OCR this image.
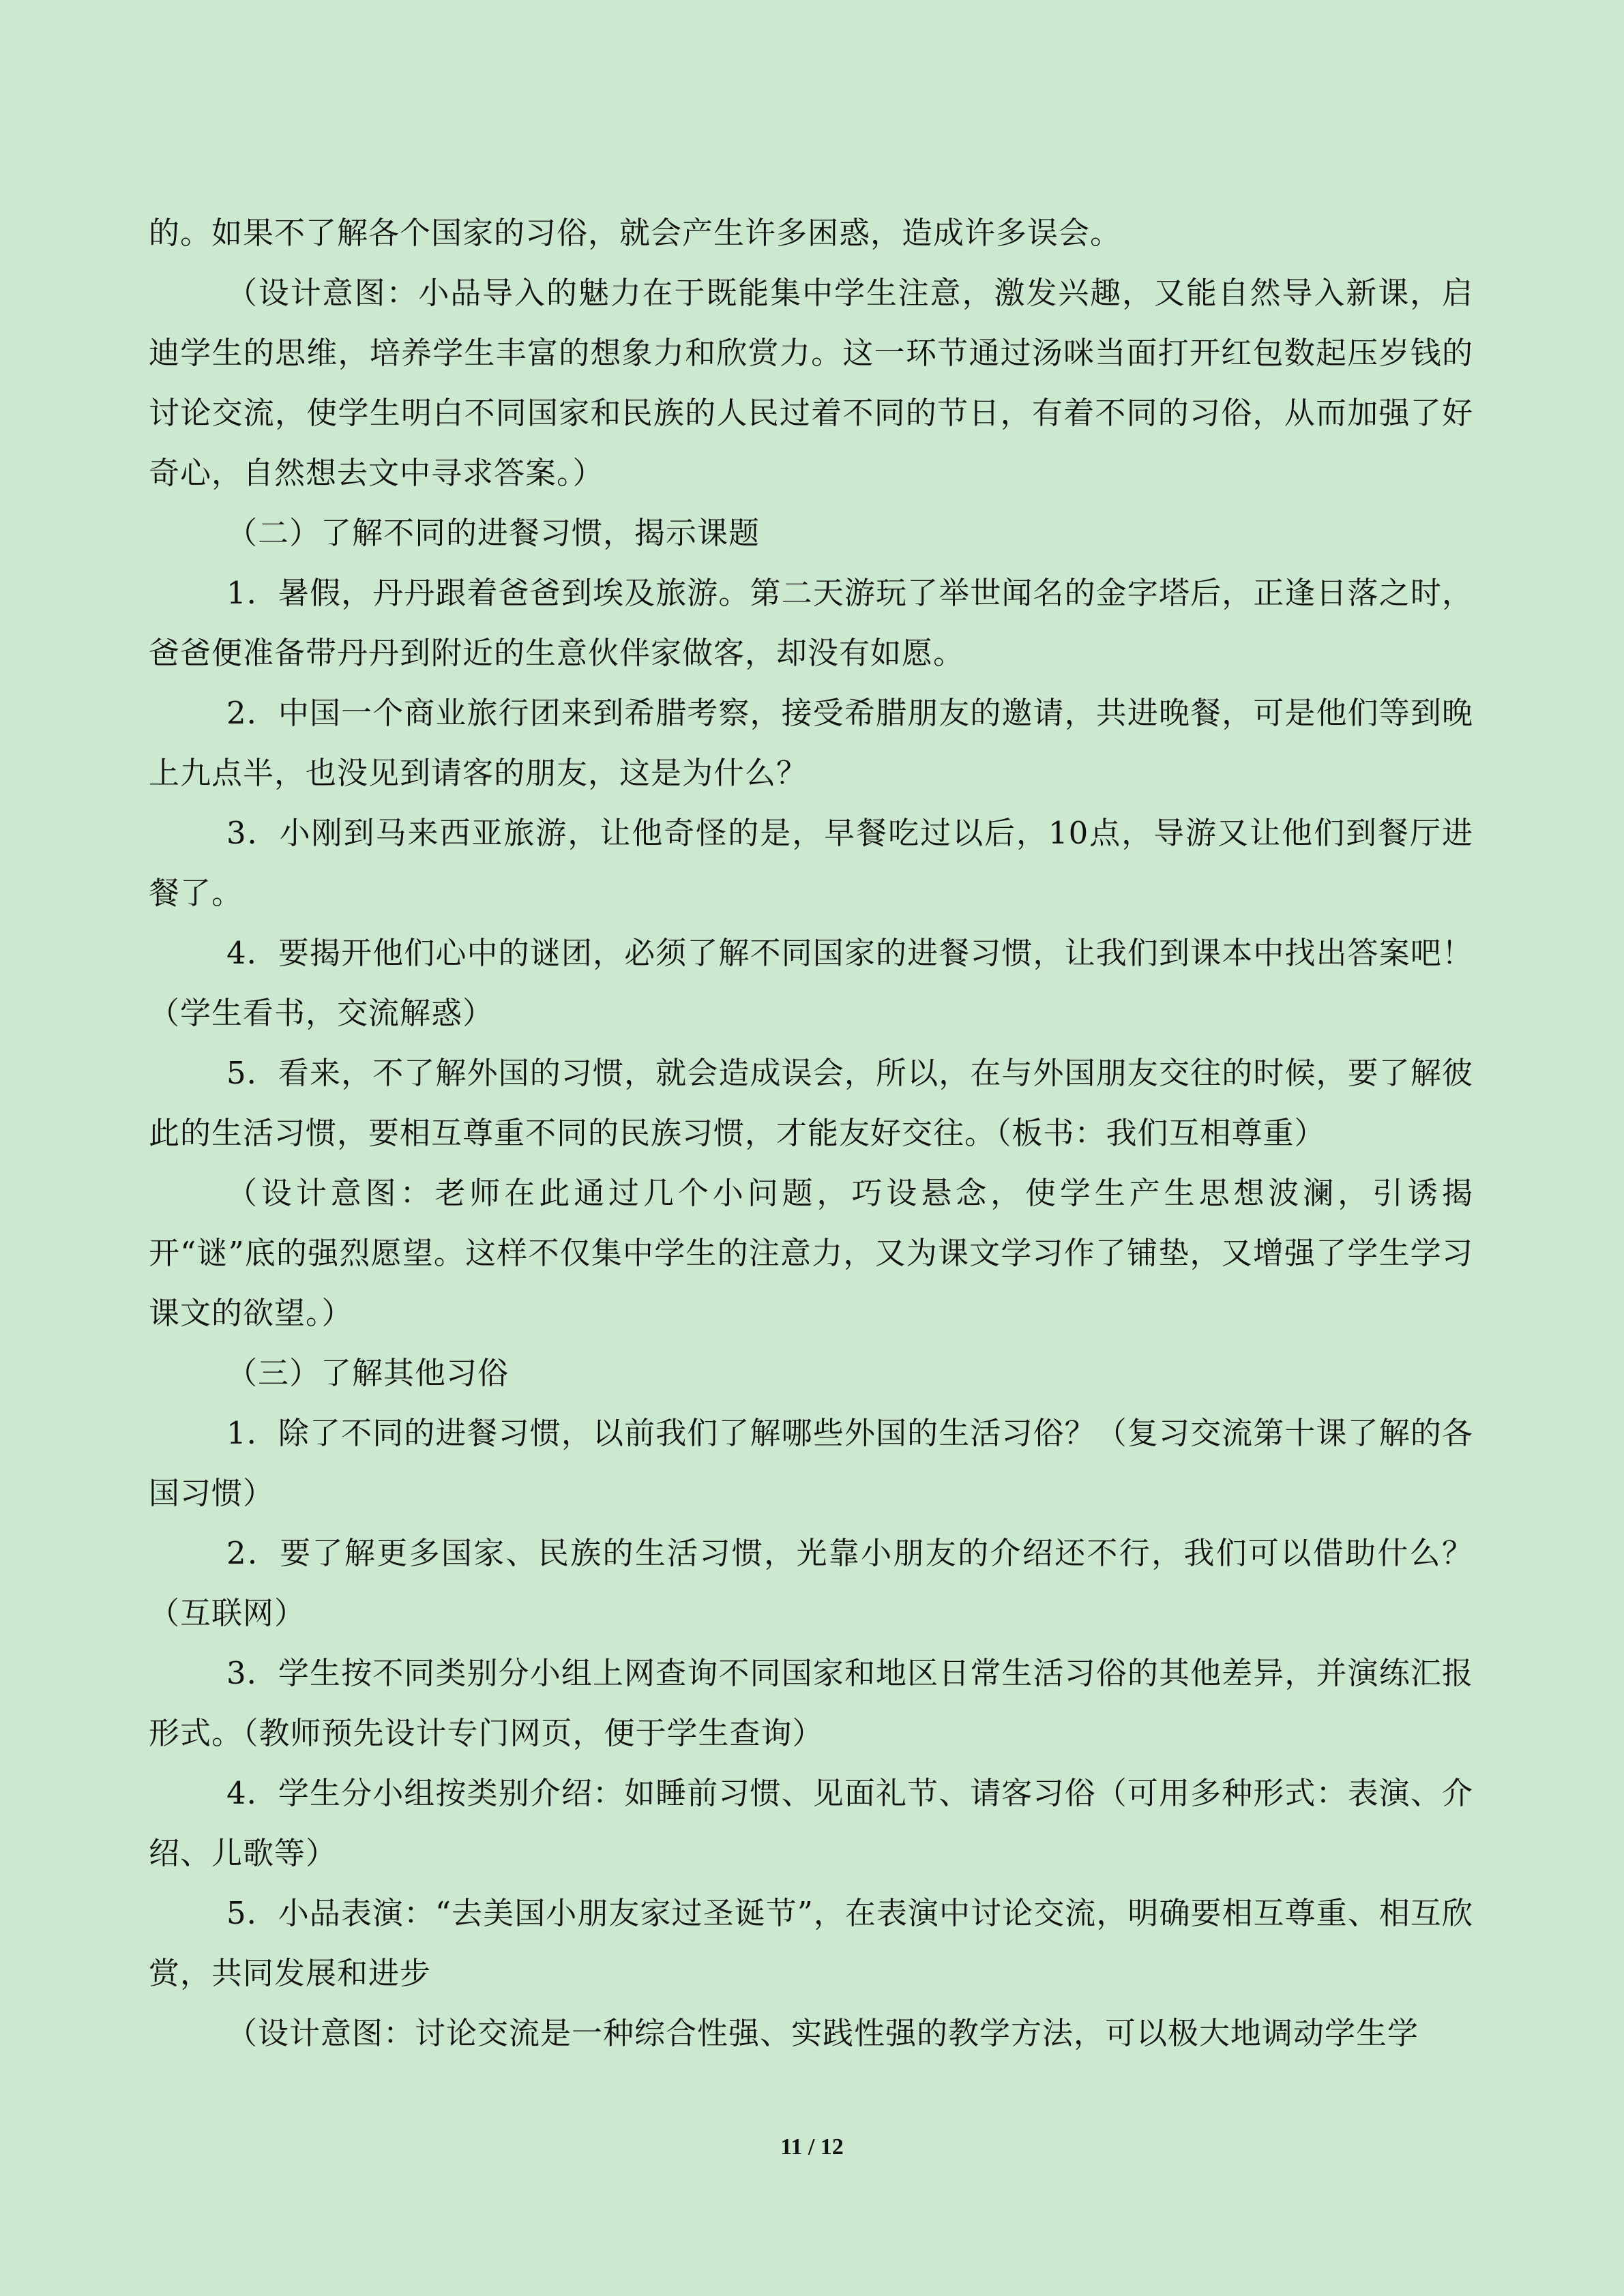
的。如果不了解各个国家的习俗，就会产生许多困惑，造成许多误会。

（设计意图：小品导入的魅力在于既能集中学生注意，激发兴趣，又能自然导入新课，启迪学生的思维，培养学生丰富的想象力和欣赏力。这一环节通过汤咪当面打开红包数起压岁钱的讨论交流，使学生明白不同国家和民族的人民过着不同的节日，有着不同的习俗，从而加强了好奇心，自然想去文中寻求答案。）

（二）了解不同的进餐习惯，揭示课题

1．暑假，丹丹跟着爸爸到埃及旅游。第二天游玩了举世闻名的金字塔后，正逢日落之时，爸爸便准备带丹丹到附近的生意伙伴家做客，却没有如愿。

2．中国一个商业旅行团来到希腊考察，接受希腊朋友的邀请，共进晚餐，可是他们等到晚上九点半，也没见到请客的朋友，这是为什么？

3．小刚到马来西亚旅游，让他奇怪的是，早餐吃过以后，10点，导游又让他们到餐厅进餐了。

4．要揭开他们心中的谜团，必须了解不同国家的进餐习惯，让我们到课本中找出答案吧！（学生看书，交流解惑）

5．看来，不了解外国的习惯，就会造成误会，所以，在与外国朋友交往的时候，要了解彼此的生活习惯，要相互尊重不同的民族习惯，才能友好交往。（板书：我们互相尊重）

（设计意图：老师在此通过几个小问题，巧设悬念，使学生产生思想波澜，引诱揭开“谜”底的强烈愿望。这样不仅集中学生的注意力，又为课文学习作了铺垫，又增强了学生学习课文的欲望。）

（三）了解其他习俗

1．除了不同的进餐习惯，以前我们了解哪些外国的生活习俗？（复习交流第十课了解的各国习惯）

2．要了解更多国家、民族的生活习惯，光靠小朋友的介绍还不行，我们可以借助什么？（互联网）

3．学生按不同类别分小组上网查询不同国家和地区日常生活习俗的其他差异，并演练汇报形式。（教师预先设计专门网页，便于学生查询）

4．学生分小组按类别介绍：如睡前习惯、见面礼节、请客习俗（可用多种形式：表演、介绍、儿歌等）

5．小品表演：“去美国小朋友家过圣诞节”，在表演中讨论交流，明确要相互尊重、相互欣赏，共同发展和进步

（设计意图：讨论交流是一种综合性强、实践性强的教学方法，可以极大地调动学生学

11 / 12
